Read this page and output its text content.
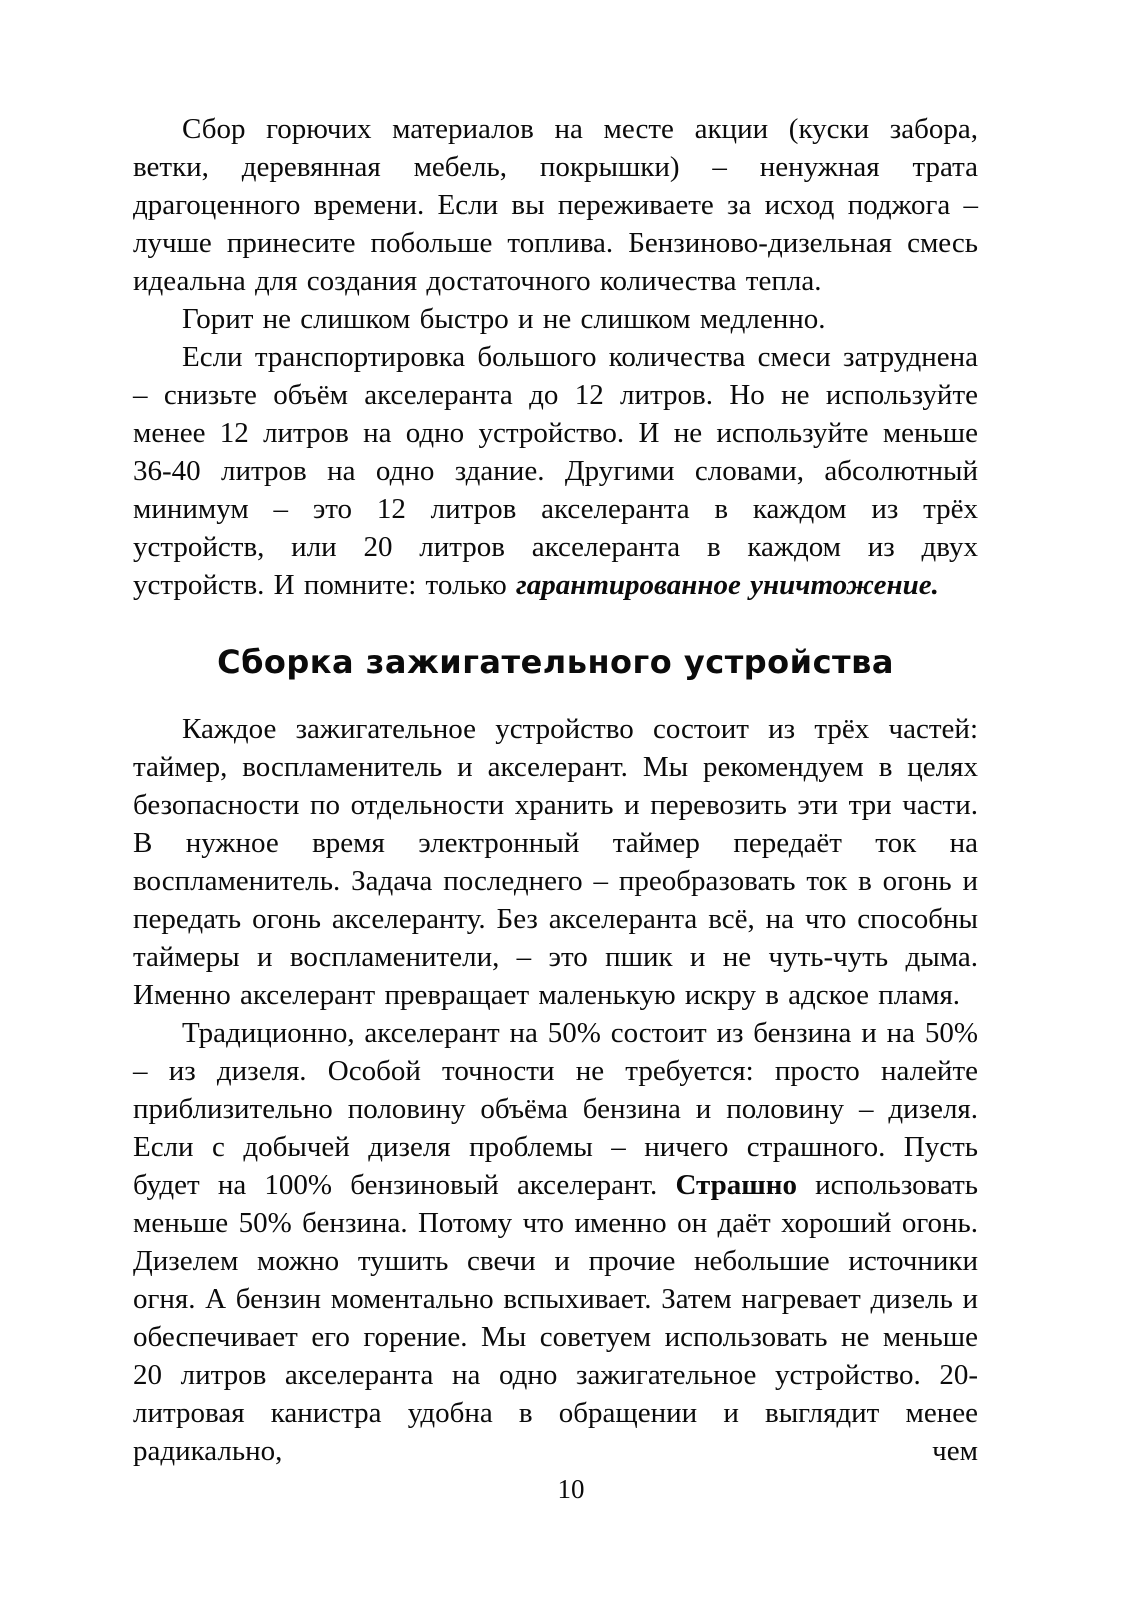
Сбор горючих материалов на месте акции (куски забора, ветки, деревянная мебель, покрышки) – ненужная трата драгоценного времени. Если вы переживаете за исход поджога – лучше принесите побольше топлива. Бензиново-дизельная смесь идеальна для создания достаточного количества тепла.

Горит не слишком быстро и не слишком медленно.

Если транспортировка большого количества смеси затруднена – снизьте объём акселеранта до 12 литров. Но не используйте менее 12 литров на одно устройство. И не используйте меньше 36-40 литров на одно здание. Другими словами, абсолютный минимум – это 12 литров акселеранта в каждом из трёх устройств, или 20 литров акселеранта в каждом из двух устройств. И помните: только гарантированное уничтожение.

Сборка зажигательного устройства

Каждое зажигательное устройство состоит из трёх частей: таймер, воспламенитель и акселерант. Мы рекомендуем в целях безопасности по отдельности хранить и перевозить эти три части. В нужное время электронный таймер передаёт ток на воспламенитель. Задача последнего – преобразовать ток в огонь и передать огонь акселеранту. Без акселеранта всё, на что способны таймеры и воспламенители, – это пшик и не чуть-чуть дыма. Именно акселерант превращает маленькую искру в адское пламя.

Традиционно, акселерант на 50% состоит из бензина и на 50% – из дизеля. Особой точности не требуется: просто налейте приблизительно половину объёма бензина и половину – дизеля. Если с добычей дизеля проблемы – ничего страшного. Пусть будет на 100% бензиновый акселерант. Страшно использовать меньше 50% бензина. Потому что именно он даёт хороший огонь. Дизелем можно тушить свечи и прочие небольшие источники огня. А бензин моментально вспыхивает. Затем нагревает дизель и обеспечивает его горение. Мы советуем использовать не меньше 20 литров акселеранта на одно зажигательное устройство. 20-литровая канистра удобна в обращении и выглядит менее радикально, чем

10
